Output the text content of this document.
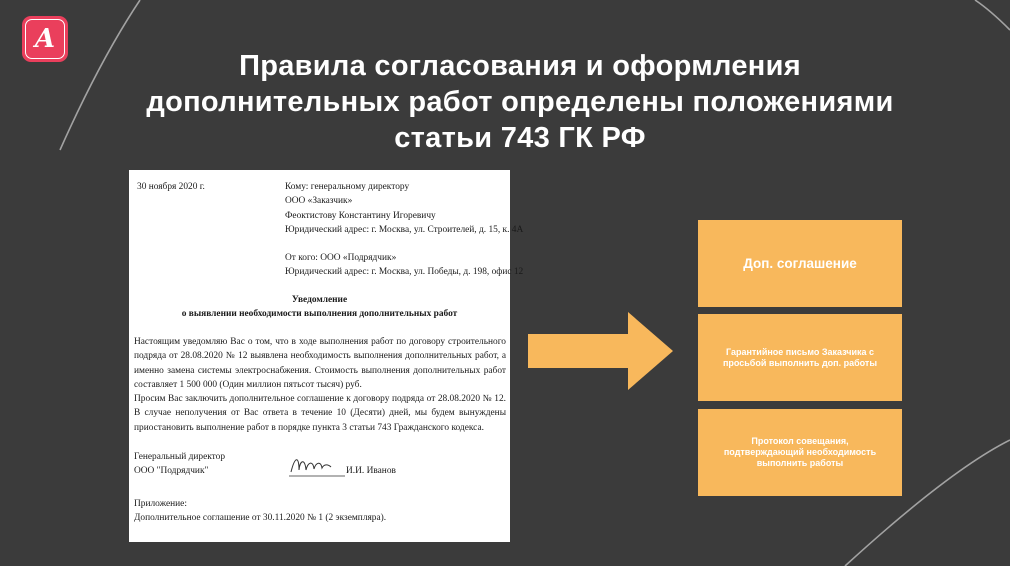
A
Правила согласования и оформления дополнительных работ определены положениями статьи 743 ГК РФ
30 ноября 2020 г.	Кому: генеральному директору
ООО «Заказчик»
Феоктистову Константину Игоревичу
Юридический адрес: г. Москва, ул. Строителей, д. 15, к. 4А
От кого: ООО «Подрядчик»
Юридический адрес: г. Москва, ул. Победы, д. 198, офис 12
Уведомление
о выявлении необходимости выполнения дополнительных работ

Настоящим уведомляю Вас о том, что в ходе выполнения работ по договору строительного подряда от 28.08.2020 № 12 выявлена необходимость выполнения дополнительных работ, а именно замена системы электроснабжения. Стоимость выполнения дополнительных работ составляет 1 500 000 (Один миллион пятьсот тысяч) руб.

Просим Вас заключить дополнительное соглашение к договору подряда от 28.08.2020 № 12. В случае неполучения от Вас ответа в течение 10 (Десяти) дней, мы будем вынуждены приостановить выполнение работ в порядке пункта 3 статьи 743 Гражданского кодекса.

Генеральный директор
ООО "Подрядчик"	И.И. Иванов
Приложение:
Дополнительное соглашение от 30.11.2020 № 1 (2 экземпляра).
Доп. соглашение
Гарантийное письмо Заказчика с просьбой выполнить доп. работы
Протокол совещания, подтверждающий необходимость выполнить работы
